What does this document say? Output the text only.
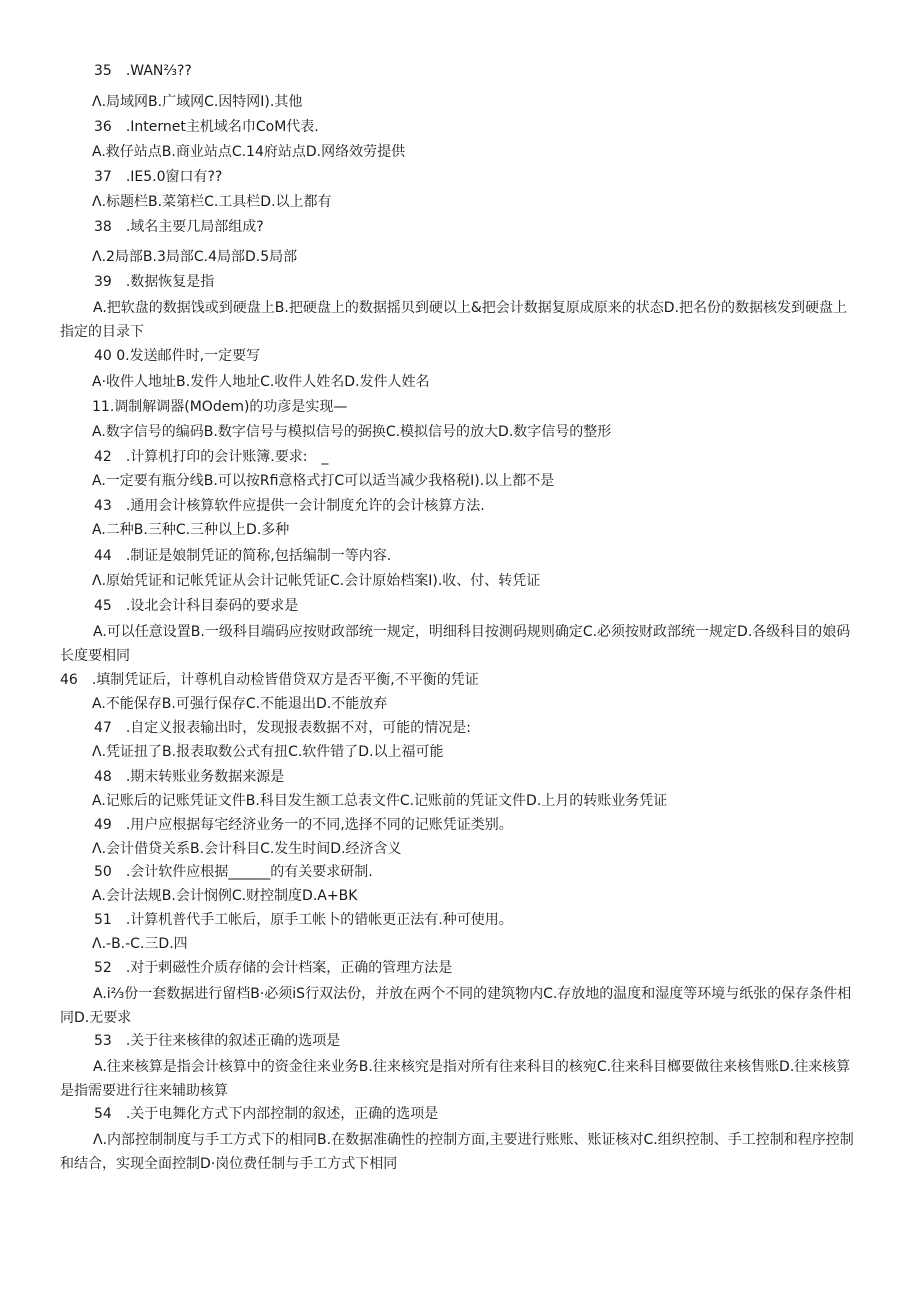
35　.WAN⅔??
Λ.局域网B.广域网C.因特网I).其他
36　.Internet主机域名巾CoM代表.
A.救仔站点B.商业站点C.14府站点D.网络效劳提供
37　.IE5.0窗口有??
Λ.标题栏B.菜第栏C.工具栏D.以上都有
38　.域名主要几局部组成?
Λ.2局部B.3局部C.4局部D.5局部
39　.数据恢复是指
A.把软盘的数据饯或到硬盘上B.把硬盘上的数据摇贝到硬以上&把会计数据复原成原来的状态D.把名份的数据核发到硬盘上指定的目录下
40 0.发送邮件时,一定要写
A·收件人地址B.发件人地址C.收件人姓名D.发件人姓名
11.调制解调器(MOdem)的功彦是实现—
A.数字信号的编码B.数字信号与模拟信号的弼换C.模拟信号的放大D.数字信号的整形
42　.计算机打印的会计账簿.要求:　_
A.一定要有瓶分线B.可以按Rfi意格式打C可以适当减少我格税I).以上都不是
43　.通用会计核算软件应提供一会计制度允许的会计核算方法.
A.二种B.三种C.三种以上D.多种
44　.制证是娘制凭证的简称,包括编制一等内容.
Λ.原始凭证和记帐凭证从会计记帐凭证C.会计原始档案I).收、付、转凭证
45　.设北会计科目泰码的要求是
A.可以任意设置B.一级科目端码应按财政部统一规定，明细科目按測码规则确定C.必须按财政部统一规定D.各级科目的娘码长度要相同
46　.填制凭证后，计尊机自动检皆借贷双方是否平衡,不平衡的凭证
A.不能保存B.可强行保存C.不能退出D.不能放弃
47　.自定义报表输出时，发现报表数据不对，可能的情况是:
Λ.凭证扭了B.报表取数公式有扭C.软件错了D.以上福可能
48　.期末转账业务数据来源是
A.记账后的记账凭证文件B.科目发生额工总表文件C.记账前的凭证文件D.上月的转账业务凭证
49　.用户应根据每宅经济业务一的不同,选择不同的记账凭证类别。
Λ.会计借贷关系B.会计科目C.发生时间D.经济含义
50　.会计软件应根据______的有关要求研制.
A.会计法规B.会计悯例C.财控制度D.A+BK
51　.计算机普代手工帐后，原手工帐卜的错帐更正法有.种可使用。
Λ.-B.-C.三D.四
52　.对于剌磁性介质存储的会计档案，正确的管理方法是
A.i⅔份一套数据进行留档B·必须iS行双法份，并放在两个不同的建筑物内C.存放地的温度和湿度等环境与纸张的保存条件相同D.无要求
53　.关于往来核律的叙述正确的选项是
A.往来核算是指会计核算中的资金往来业务B.往来核究是指对所有往来科目的核宛C.往来科目榔要做往来核售账D.往来核算是指需要进行往来辅助核算
54　.关于电舞化方式下内部控制的叙述，正确的选项是
Λ.内部控制制度与手工方式下的相同B.在数据准确性的控制方面,主要进行账账、账证核对C.组织控制、手工控制和程序控制和结合，实现全面控制D·岗位费任制与手工方式下相同
